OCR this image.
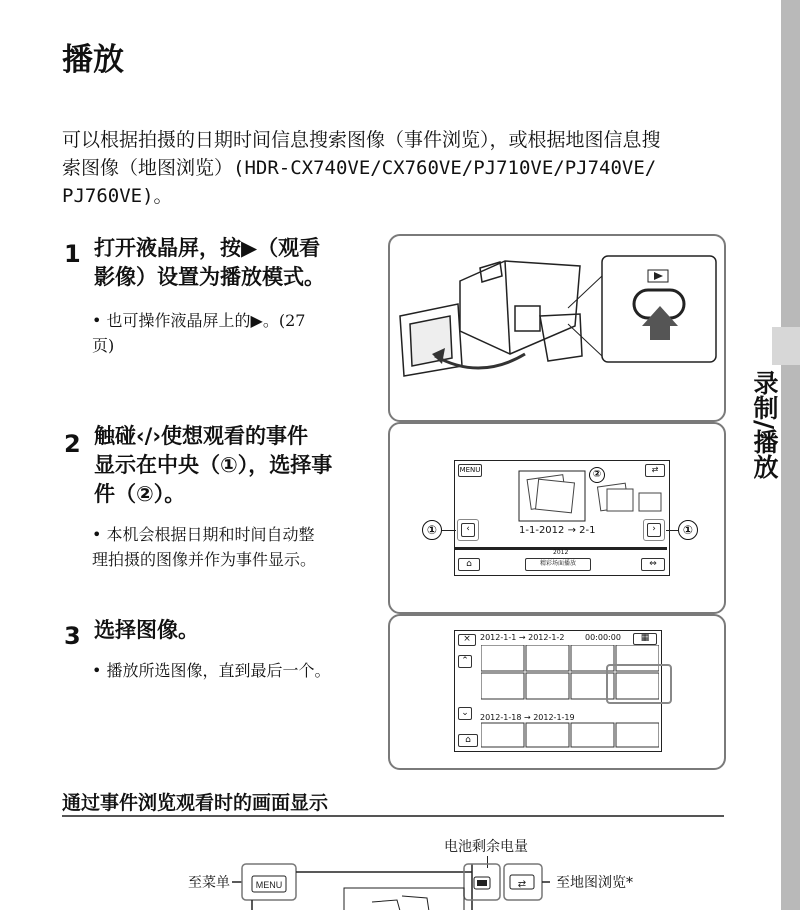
录制/播放
播放
可以根据拍摄的日期时间信息搜索图像（事件浏览），或根据地图信息搜
索图像（地图浏览）(HDR-CX740VE/CX760VE/PJ710VE/PJ740VE/
PJ760VE)。
1 打开液晶屏，按▶（观看
影像）设置为播放模式。
• 也可操作液晶屏上的▶。(27
页)
2 触碰‹/›使想观看的事件
显示在中央（①），选择事
件（②）。
• 本机会根据日期和时间自动整
理拍摄的图像并作为事件显示。
3 选择图像。
• 播放所选图像，直到最后一个。
MENU	⇄
②
‹	›
1-1-2012 → 2-1
2012
⌂	精彩场面播放	⇔
①	①
×	2012-1-1 → 2012-1-2	00:00:00	▦
⌃
⌄
⌂
2012-1-18 → 2012-1-19
通过事件浏览观看时的画面显示
电池剩余电量
至菜单	至地图浏览*
MENU	⇄
